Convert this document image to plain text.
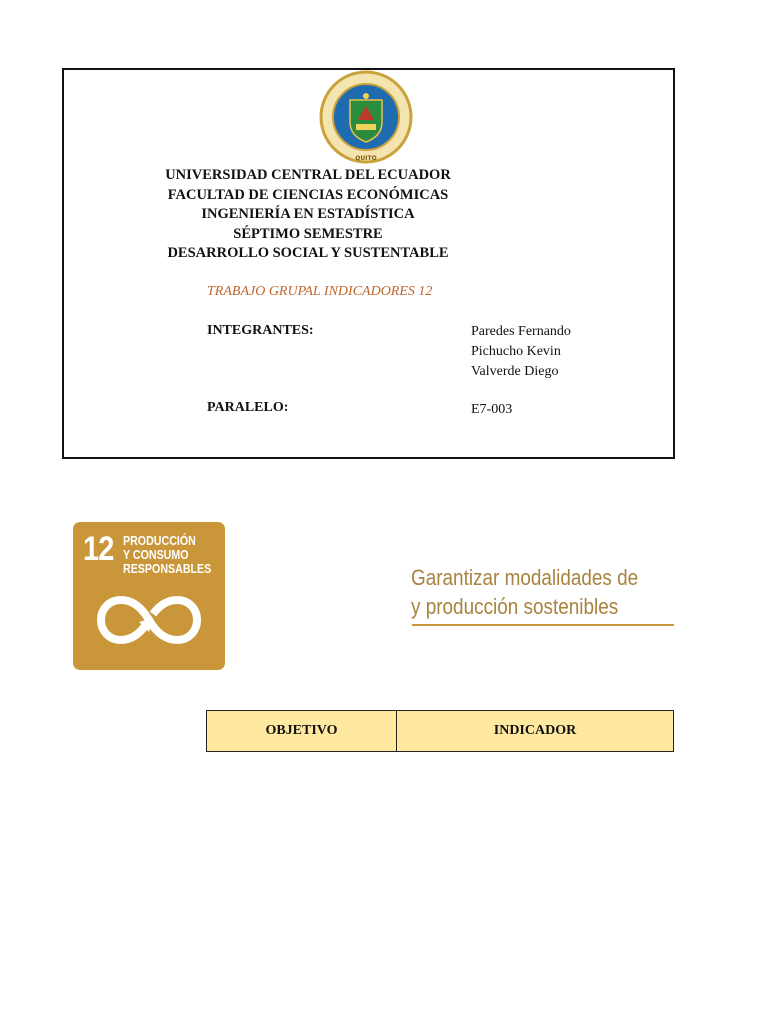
QUITO
UNIVERSIDAD CENTRAL DEL ECUADOR
FACULTAD DE CIENCIAS ECONÓMICAS
INGENIERÍA EN ESTADÍSTICA
SÉPTIMO SEMESTRE
DESARROLLO SOCIAL Y SUSTENTABLE
TRABAJO GRUPAL INDICADORES 12
INTEGRANTES:	Paredes Fernando
Pichucho Kevin
Valverde Diego
PARALELO:	E7-003
12 PRODUCCIÓN
Y CONSUMO
RESPONSABLES	Garantizar modalidades de
y producción sostenibles
OBJETIVO	INDICADOR
